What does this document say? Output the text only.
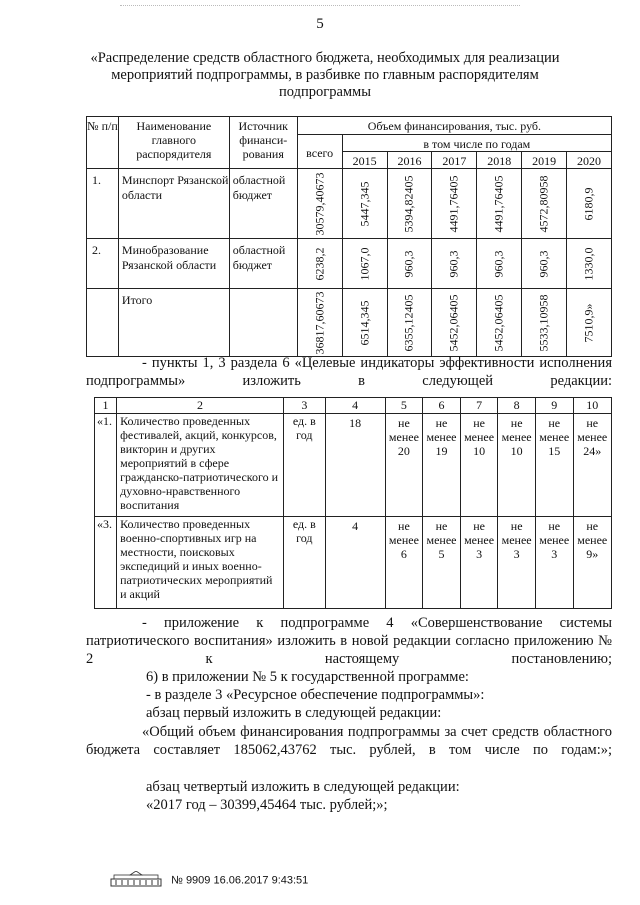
5
«Распределение средств областного бюджета, необходимых для реализации мероприятий подпрограммы, в разбивке по главным распорядителям подпрограммы
№ п/п	Наименование главного распорядителя	Источник финанси-рования	Объем финансирования, тыс. руб.						
			всего	в том числе по годам					
				2015	2016	2017	2018	2019	2020
1.	Минспорт Рязанской области	областной бюджет	30579,40673	5447,345	5394,82405	4491,76405	4491,76405	4572,80958	6180,9

2.	Минобразование Рязанской области	областной бюджет	6238,2	1067,0	960,3	960,3	960,3	960,3	1330,0

	Итого		36817,60673	6514,345	6355,12405	5452,06405	5452,06405	5533,10958	7510,9»
- пункты 1, 3 раздела 6 «Целевые индикаторы эффективности исполнения подпрограммы» изложить в следующей редакции:
1	2	3	4	5	6	7	8	9	10
«1.	Количество проведенных фестивалей, акций, конкурсов, викторин и других мероприятий в сфере гражданско-патриотического и духовно-нравственного воспитания	ед. в год	18	не менее 20	не менее 19	не менее 10	не менее 10	не менее 15	не менее 24»
«3.	Количество проведенных военно-спортивных игр на местности, поисковых экспедиций и иных военно-патриотических мероприятий и акций	ед. в год	4	не менее 6	не менее 5	не менее 3	не менее 3	не менее 3	не менее 9»
- приложение к подпрограмме 4 «Совершенствование системы патриотического воспитания» изложить в новой редакции согласно приложению № 2 к настоящему постановлению;
6) в приложении № 5 к государственной программе:
- в разделе 3 «Ресурсное обеспечение подпрограммы»:
абзац первый изложить в следующей редакции:
«Общий объем финансирования подпрограммы за счет средств областного бюджета составляет 185062,43762 тыс. рублей, в том числе по годам:»;
абзац четвертый изложить в следующей редакции:
«2017 год – 30399,45464 тыс. рублей;»;
№ 9909 16.06.2017 9:43:51
